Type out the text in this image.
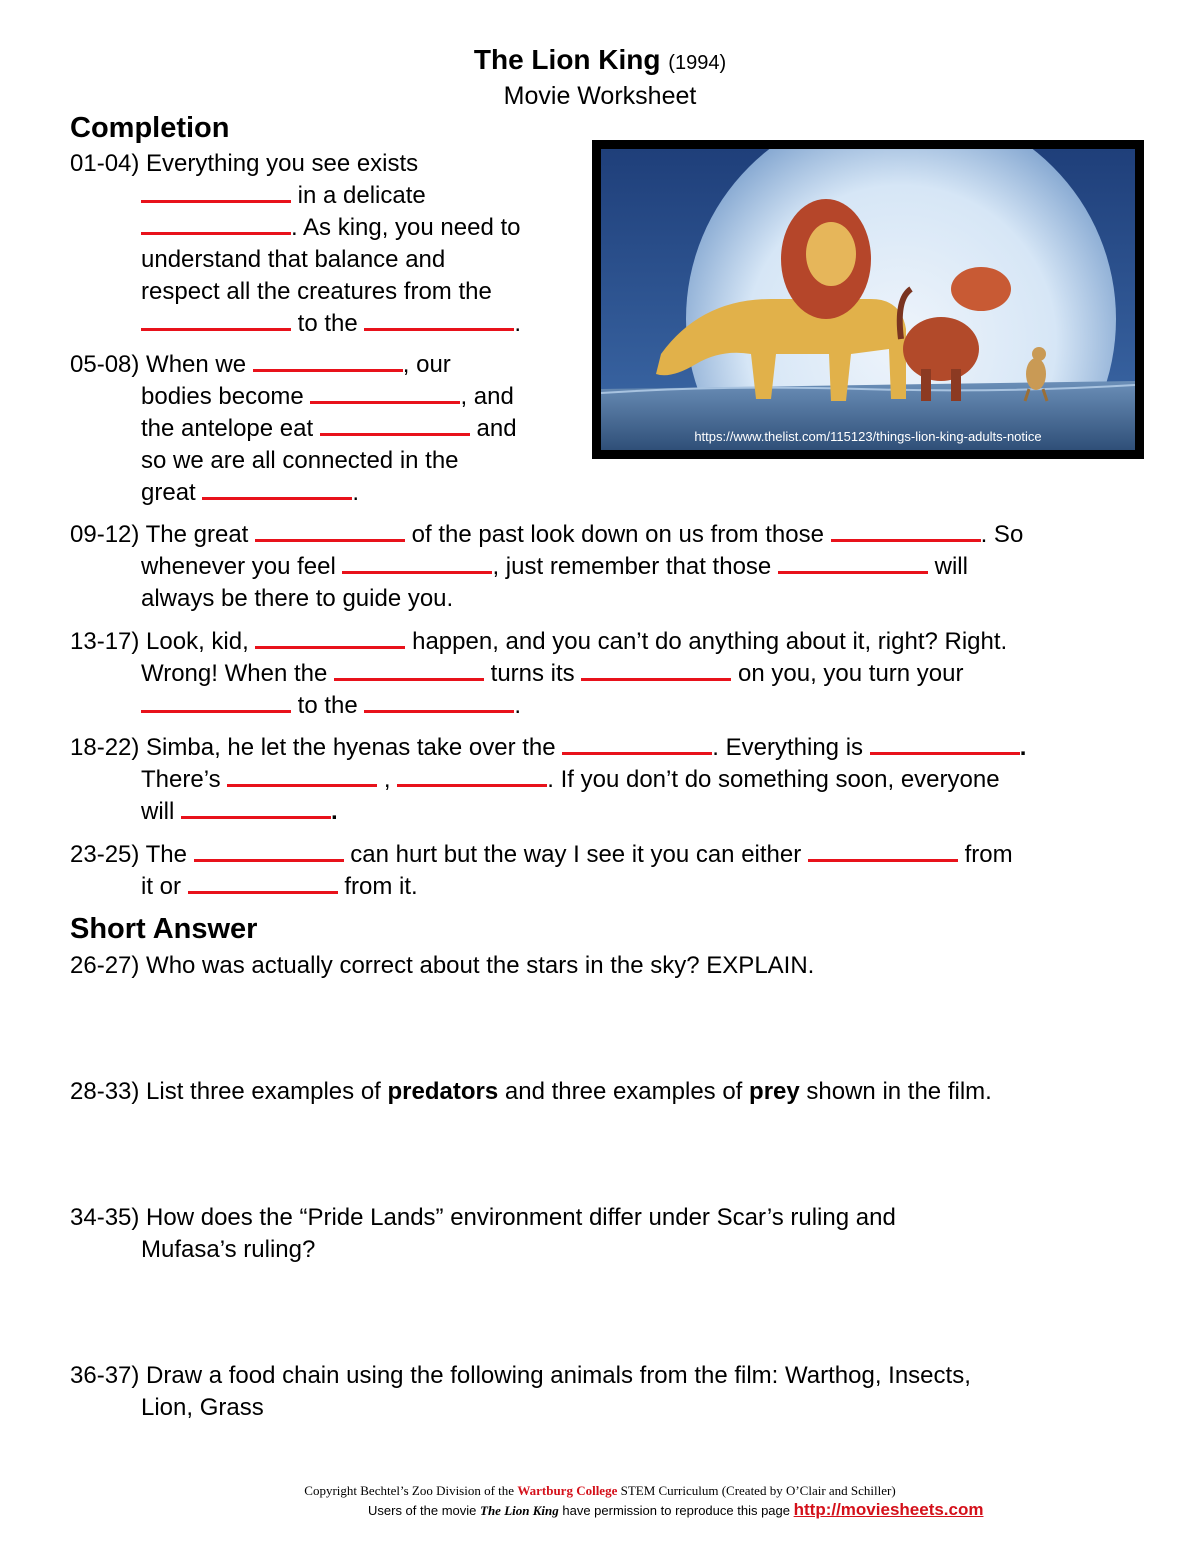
The Lion King (1994)
Movie Worksheet
Completion
https://www.thelist.com/115123/things-lion-king-adults-notice
01-04) Everything you see exists
in a delicate
. As king, you need to
understand that balance and
respect all the creatures from the
to the	.
05-08) When we	, our
bodies become	, and
the antelope eat	and
so we are all connected in the
great	.
09-12) The great	of the past look down on us from those	. So
whenever you feel	, just remember that those	will
always be there to guide you.
13-17) Look, kid,	happen, and you can’t do anything about it, right? Right.
Wrong! When the	turns its	on you, you turn your
to the	.
18-22) Simba, he let the hyenas take over the	. Everything is	.
There’s	,	. If you don’t do something soon, everyone
will	.
23-25) The	can hurt but the way I see it you can either	from
it or	from it.
Short Answer
26-27) Who was actually correct about the stars in the sky? EXPLAIN.
28-33) List three examples of predators and three examples of prey shown in the film.
34-35) How does the “Pride Lands” environment differ under Scar’s ruling and
Mufasa’s ruling?
36-37) Draw a food chain using the following animals from the film: Warthog, Insects,
Lion, Grass
Copyright Bechtel’s Zoo Division of the Wartburg College STEM Curriculum (Created by O’Clair and Schiller)
Users of the movie The Lion King have permission to reproduce this page http://moviesheets.com
